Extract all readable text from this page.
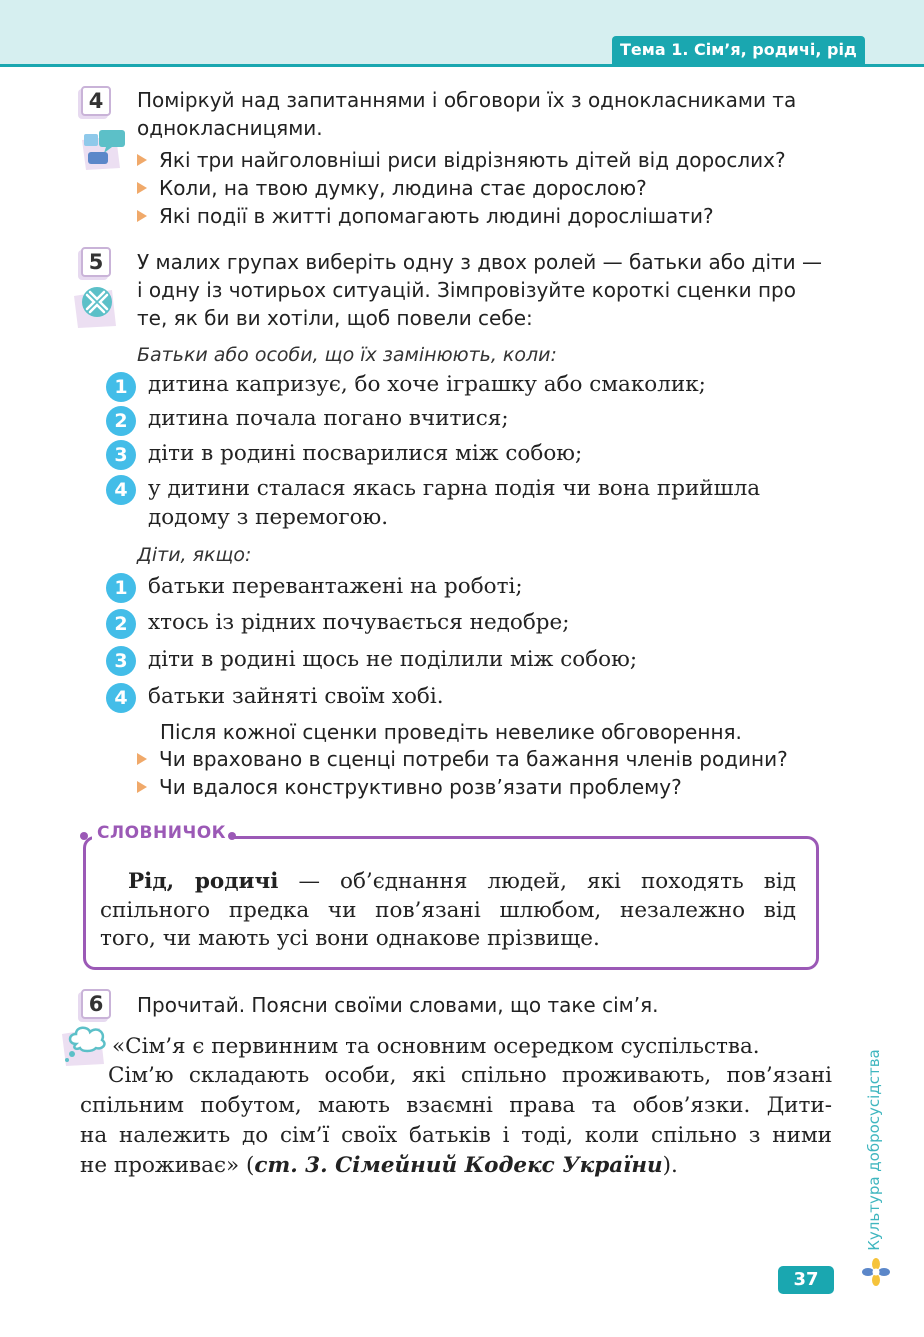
Тема 1. Сім’я, родичі, рід
4	Поміркуй над запитаннями і обговори їх з однокласниками та
однокласницями.
Які три найголовніші риси відрізняють дітей від дорослих?
Коли, на твою думку, людина стає дорослою?
Які події в житті допомагають людині дорослішати?
5	У малих групах виберіть одну з двох ролей — батьки або діти —
і одну із чотирьох ситуацій. Зімпровізуйте короткі сценки про
те, як би ви хотіли, щоб повели себе:
Батьки або особи, що їх замінюють, коли:
1 дитина капризує, бо хоче іграшку або смаколик;
2 дитина почала погано вчитися;
3 діти в родині посварилися між собою;
4 у дитини сталася якась гарна подія чи вона прийшла
додому з перемогою.
Діти, якщо:
1 батьки перевантажені на роботі;
2 хтось із рідних почувається недобре;
3 діти в родині щось не поділили між собою;
4 батьки зайняті своїм хобі.
Після кожної сценки проведіть невелике обговорення.
Чи враховано в сценці потреби та бажання членів родини?
Чи вдалося конструктивно розв’язати проблему?
СЛОВНИЧОК
Рід, родичі — об’єднання людей, які походять від
спільного предка чи пов’язані шлюбом, незалежно від
того, чи мають усі вони однакове прізвище.
6	Прочитай. Поясни своїми словами, що таке сім’я.
«Сім’я є первинним та основним осередком суспільства.
Сім’ю складають особи, які спільно проживають, пов’язані
спільним побутом, мають взаємні права та обов’язки. Дити-
на належить до сім’ї своїх батьків і тоді, коли спільно з ними
не проживає» (ст. 3. Сімейний Кодекс України).	Культура добросусідства
37
